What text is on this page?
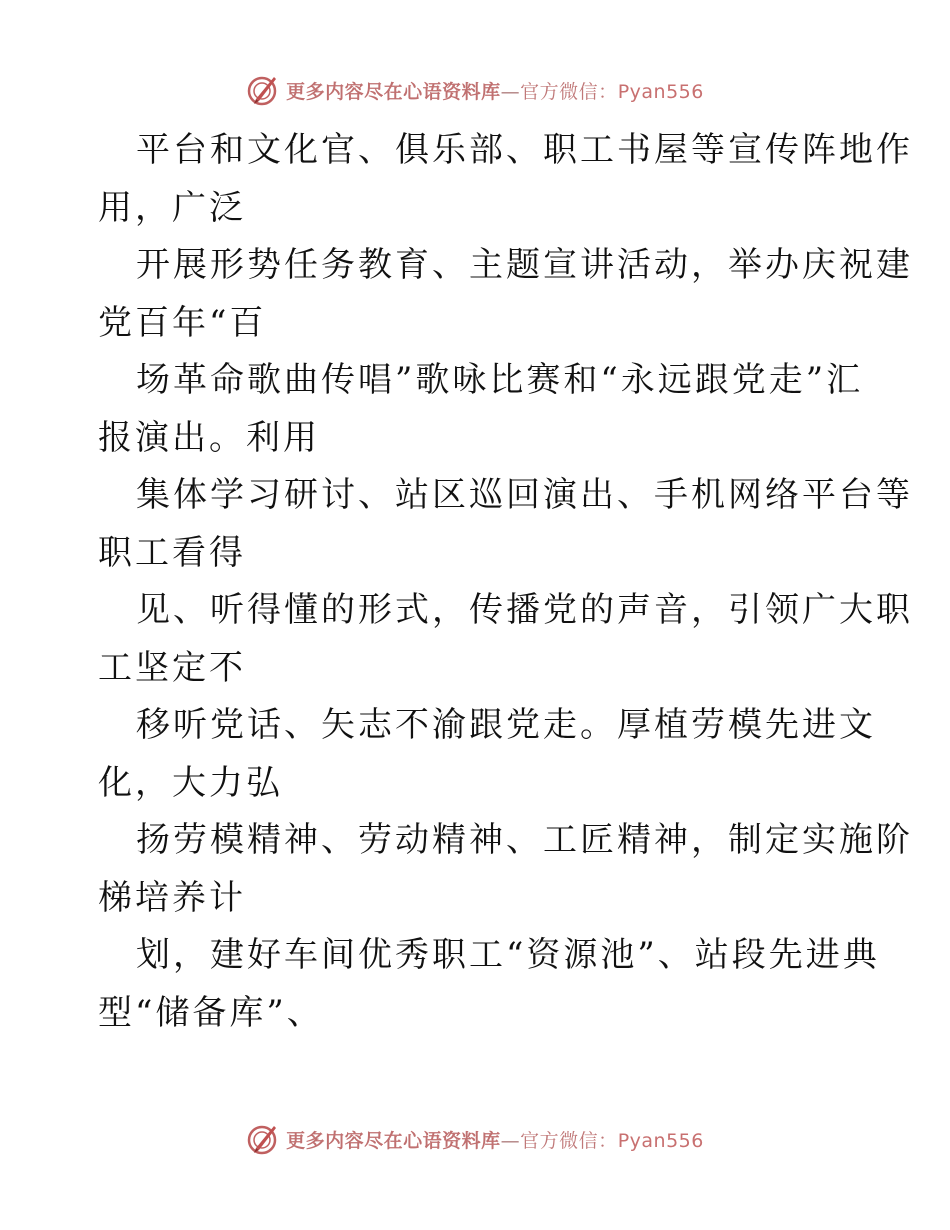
更多内容尽在心语资料库—官方微信：Pyan556
平台和文化官、俱乐部、职工书屋等宣传阵地作
用，广泛
开展形势任务教育、主题宣讲活动，举办庆祝建
党百年“百
场革命歌曲传唱”歌咏比赛和“永远跟党走”汇
报演出。利用
集体学习研讨、站区巡回演出、手机网络平台等
职工看得
见、听得懂的形式，传播党的声音，引领广大职
工坚定不
移听党话、矢志不渝跟党走。厚植劳模先进文
化，大力弘
扬劳模精神、劳动精神、工匠精神，制定实施阶
梯培养计
划，建好车间优秀职工“资源池”、站段先进典
型“储备库”、
更多内容尽在心语资料库—官方微信：Pyan556
